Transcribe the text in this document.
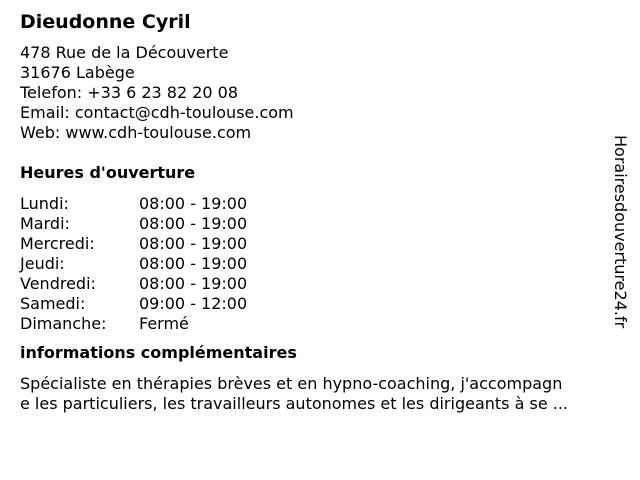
Dieudonne Cyril
478 Rue de la Découverte
31676 Labège
Telefon: +33 6 23 82 20 08
Email: contact@cdh-toulouse.com
Web: www.cdh-toulouse.com
Heures d'ouverture
Lundi:	08:00 - 19:00
Mardi:	08:00 - 19:00
Mercredi:	08:00 - 19:00
Jeudi:	08:00 - 19:00
Vendredi:	08:00 - 19:00
Samedi:	09:00 - 12:00
Dimanche: Fermé
informations complémentaires
Spécialiste en thérapies brèves et en hypno-coaching, j'accompagn
e les particuliers, les travailleurs autonomes et les dirigeants à se ...
Horairesdouverture24.fr
